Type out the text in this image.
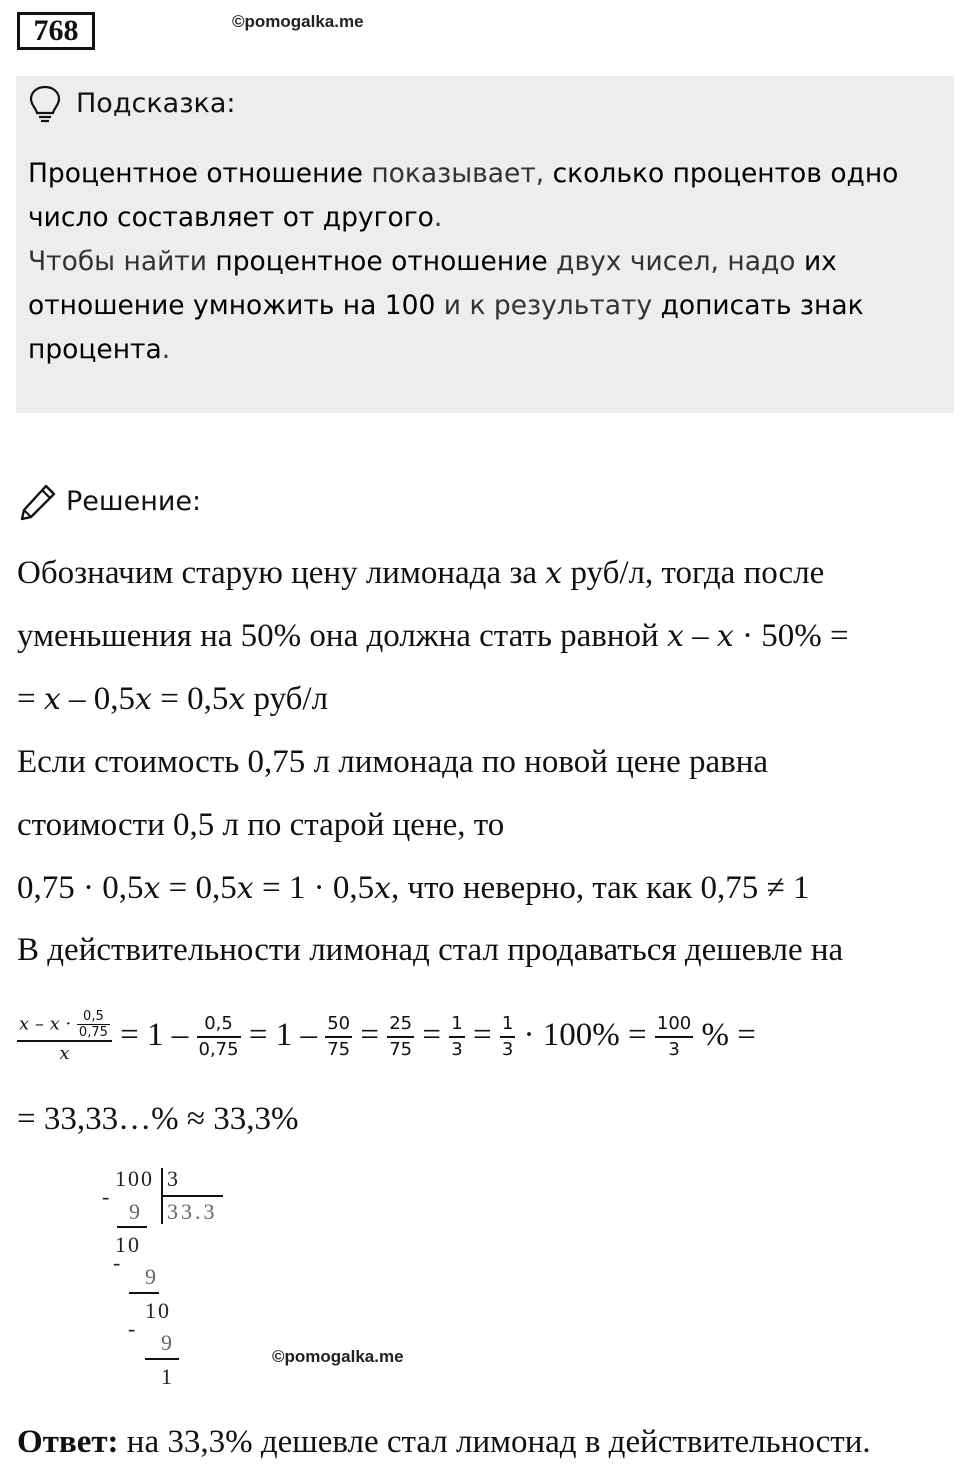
768	©pomogalka.me
Подсказка:
Процентное отношение показывает, сколько процентов одно число составляет от другого.
Чтобы найти процентное отношение двух чисел, надо их отношение умножить на 100 и к результату дописать знак процента.
Решение:
Обозначим старую цену лимонада за x руб/л, тогда после
уменьшения на 50% она должна стать равной x – x · 50% =
= x – 0,5x = 0,5x руб/л
Если стоимость 0,75 л лимонада по новой цене равна
стоимости 0,5 л по старой цене, то
0,75 · 0,5x = 0,5x = 1 · 0,5x, что неверно, так как 0,75 ≠ 1
В действительности лимонад стал продаваться дешевле на
$\frac{x - x \cdot \frac{0,5}{0,75}}{x} = 1 - \frac{0,5}{0,75} = 1 - \frac{50}{75} = \frac{25}{75} = \frac{1}{3} = \frac{1}{3} \cdot 100\% = \frac{100}{3}$ % =
= 33,33…% ≈ 33,3%
100 3
33.3
-
9
10
-
9
10
-
9
1
©pomogalka.me
Ответ: на 33,3% дешевле стал лимонад в действительности.
